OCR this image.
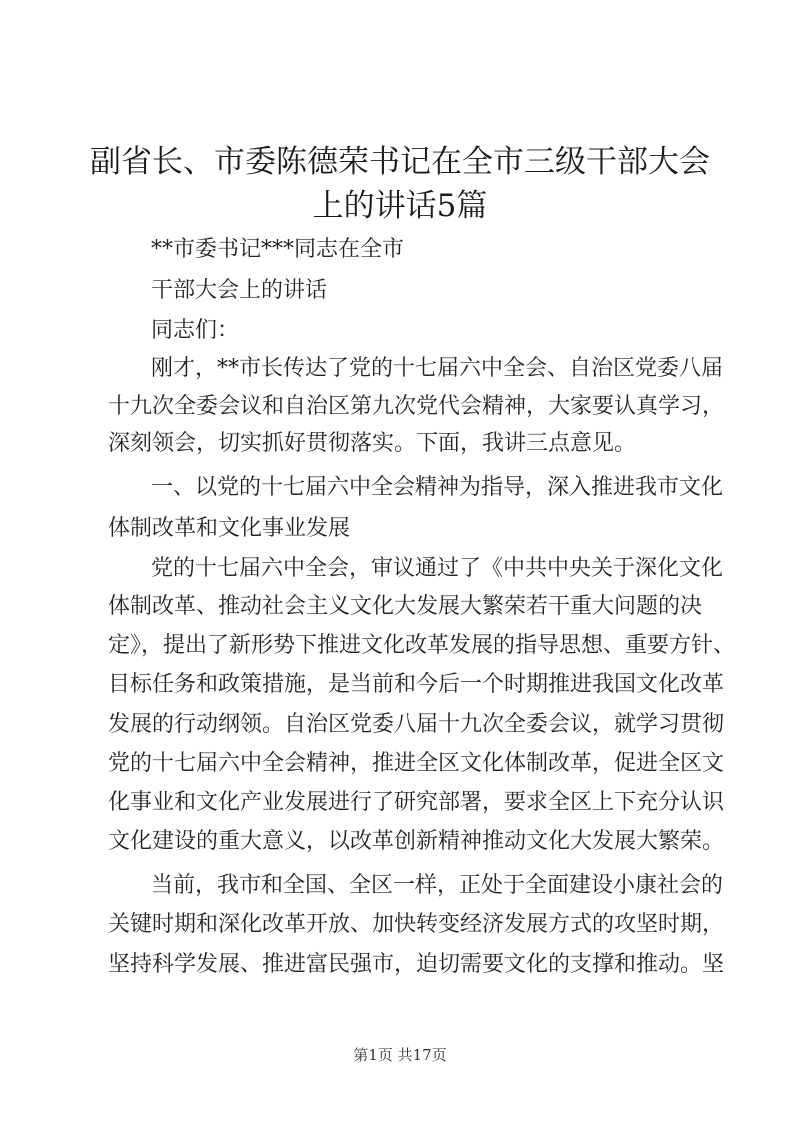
副省长、市委陈德荣书记在全市三级干部大会
上的讲话5篇

**市委书记***同志在全市

干部大会上的讲话

同志们：

刚才，**市长传达了党的十七届六中全会、自治区党委八届

十九次全委会议和自治区第九次党代会精神，大家要认真学习，

深刻领会，切实抓好贯彻落实。下面，我讲三点意见。

一、以党的十七届六中全会精神为指导，深入推进我市文化

体制改革和文化事业发展

党的十七届六中全会，审议通过了《中共中央关于深化文化

体制改革、推动社会主义文化大发展大繁荣若干重大问题的决

定》，提出了新形势下推进文化改革发展的指导思想、重要方针、

目标任务和政策措施，是当前和今后一个时期推进我国文化改革

发展的行动纲领。自治区党委八届十九次全委会议，就学习贯彻

党的十七届六中全会精神，推进全区文化体制改革，促进全区文

化事业和文化产业发展进行了研究部署，要求全区上下充分认识

文化建设的重大意义，以改革创新精神推动文化大发展大繁荣。

当前，我市和全国、全区一样，正处于全面建设小康社会的

关键时期和深化改革开放、加快转变经济发展方式的攻坚时期，

坚持科学发展、推进富民强市，迫切需要文化的支撑和推动。坚

第1页 共17页
